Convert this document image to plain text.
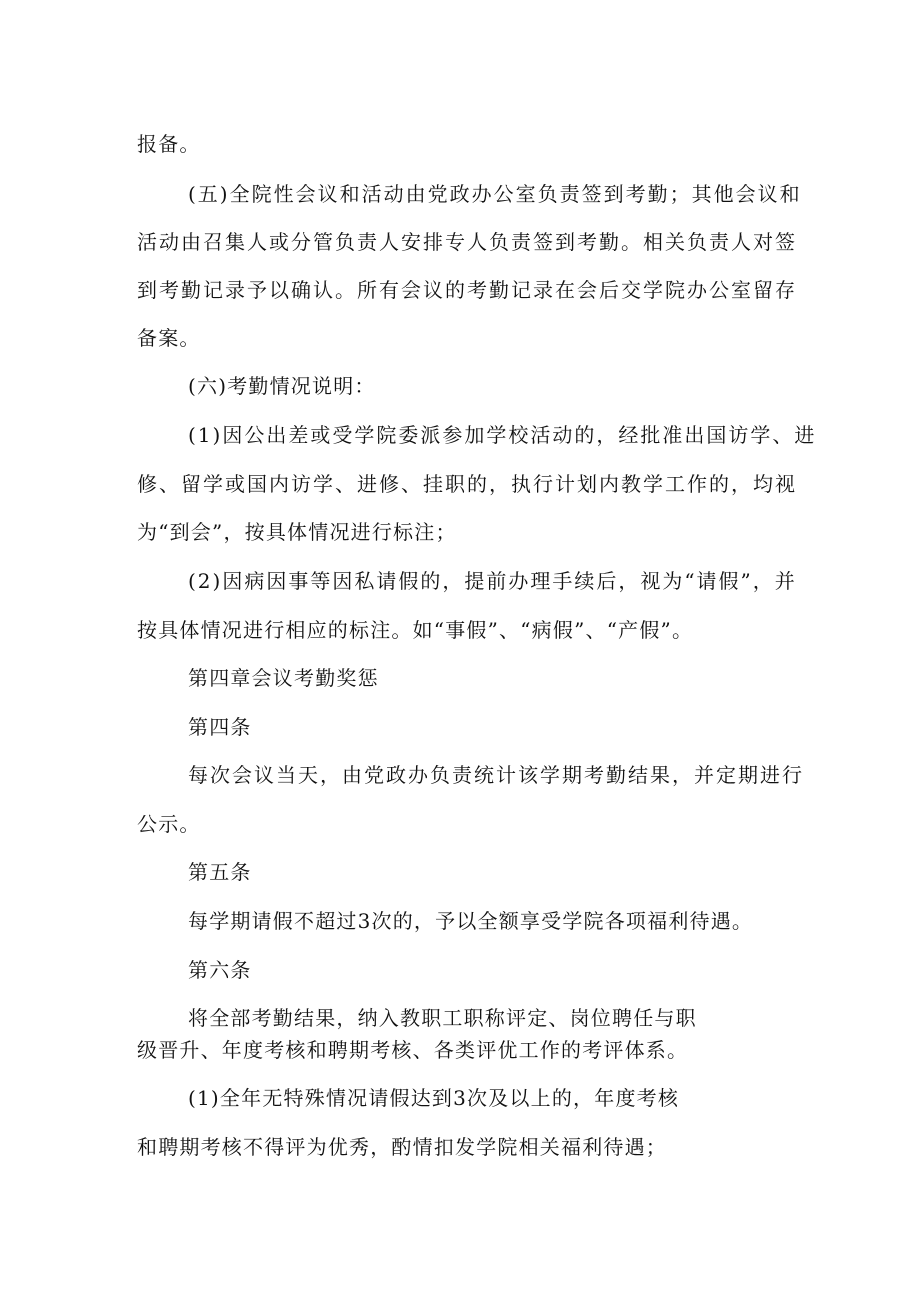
报备。
(五)全院性会议和活动由党政办公室负责签到考勤；其他会议和
活动由召集人或分管负责人安排专人负责签到考勤。相关负责人对签
到考勤记录予以确认。所有会议的考勤记录在会后交学院办公室留存
备案。
(六)考勤情况说明：
(1)因公出差或受学院委派参加学校活动的，经批准出国访学、进
修、留学或国内访学、进修、挂职的，执行计划内教学工作的，均视
为“到会”，按具体情况进行标注；
(2)因病因事等因私请假的，提前办理手续后，视为“请假”，并
按具体情况进行相应的标注。如“事假”、“病假”、“产假”。
第四章会议考勤奖惩
第四条
每次会议当天，由党政办负责统计该学期考勤结果，并定期进行
公示。
第五条
每学期请假不超过3次的，予以全额享受学院各项福利待遇。
第六条
将全部考勤结果，纳入教职工职称评定、岗位聘任与职
级晋升、年度考核和聘期考核、各类评优工作的考评体系。
(1)全年无特殊情况请假达到3次及以上的，年度考核
和聘期考核不得评为优秀，酌情扣发学院相关福利待遇；
